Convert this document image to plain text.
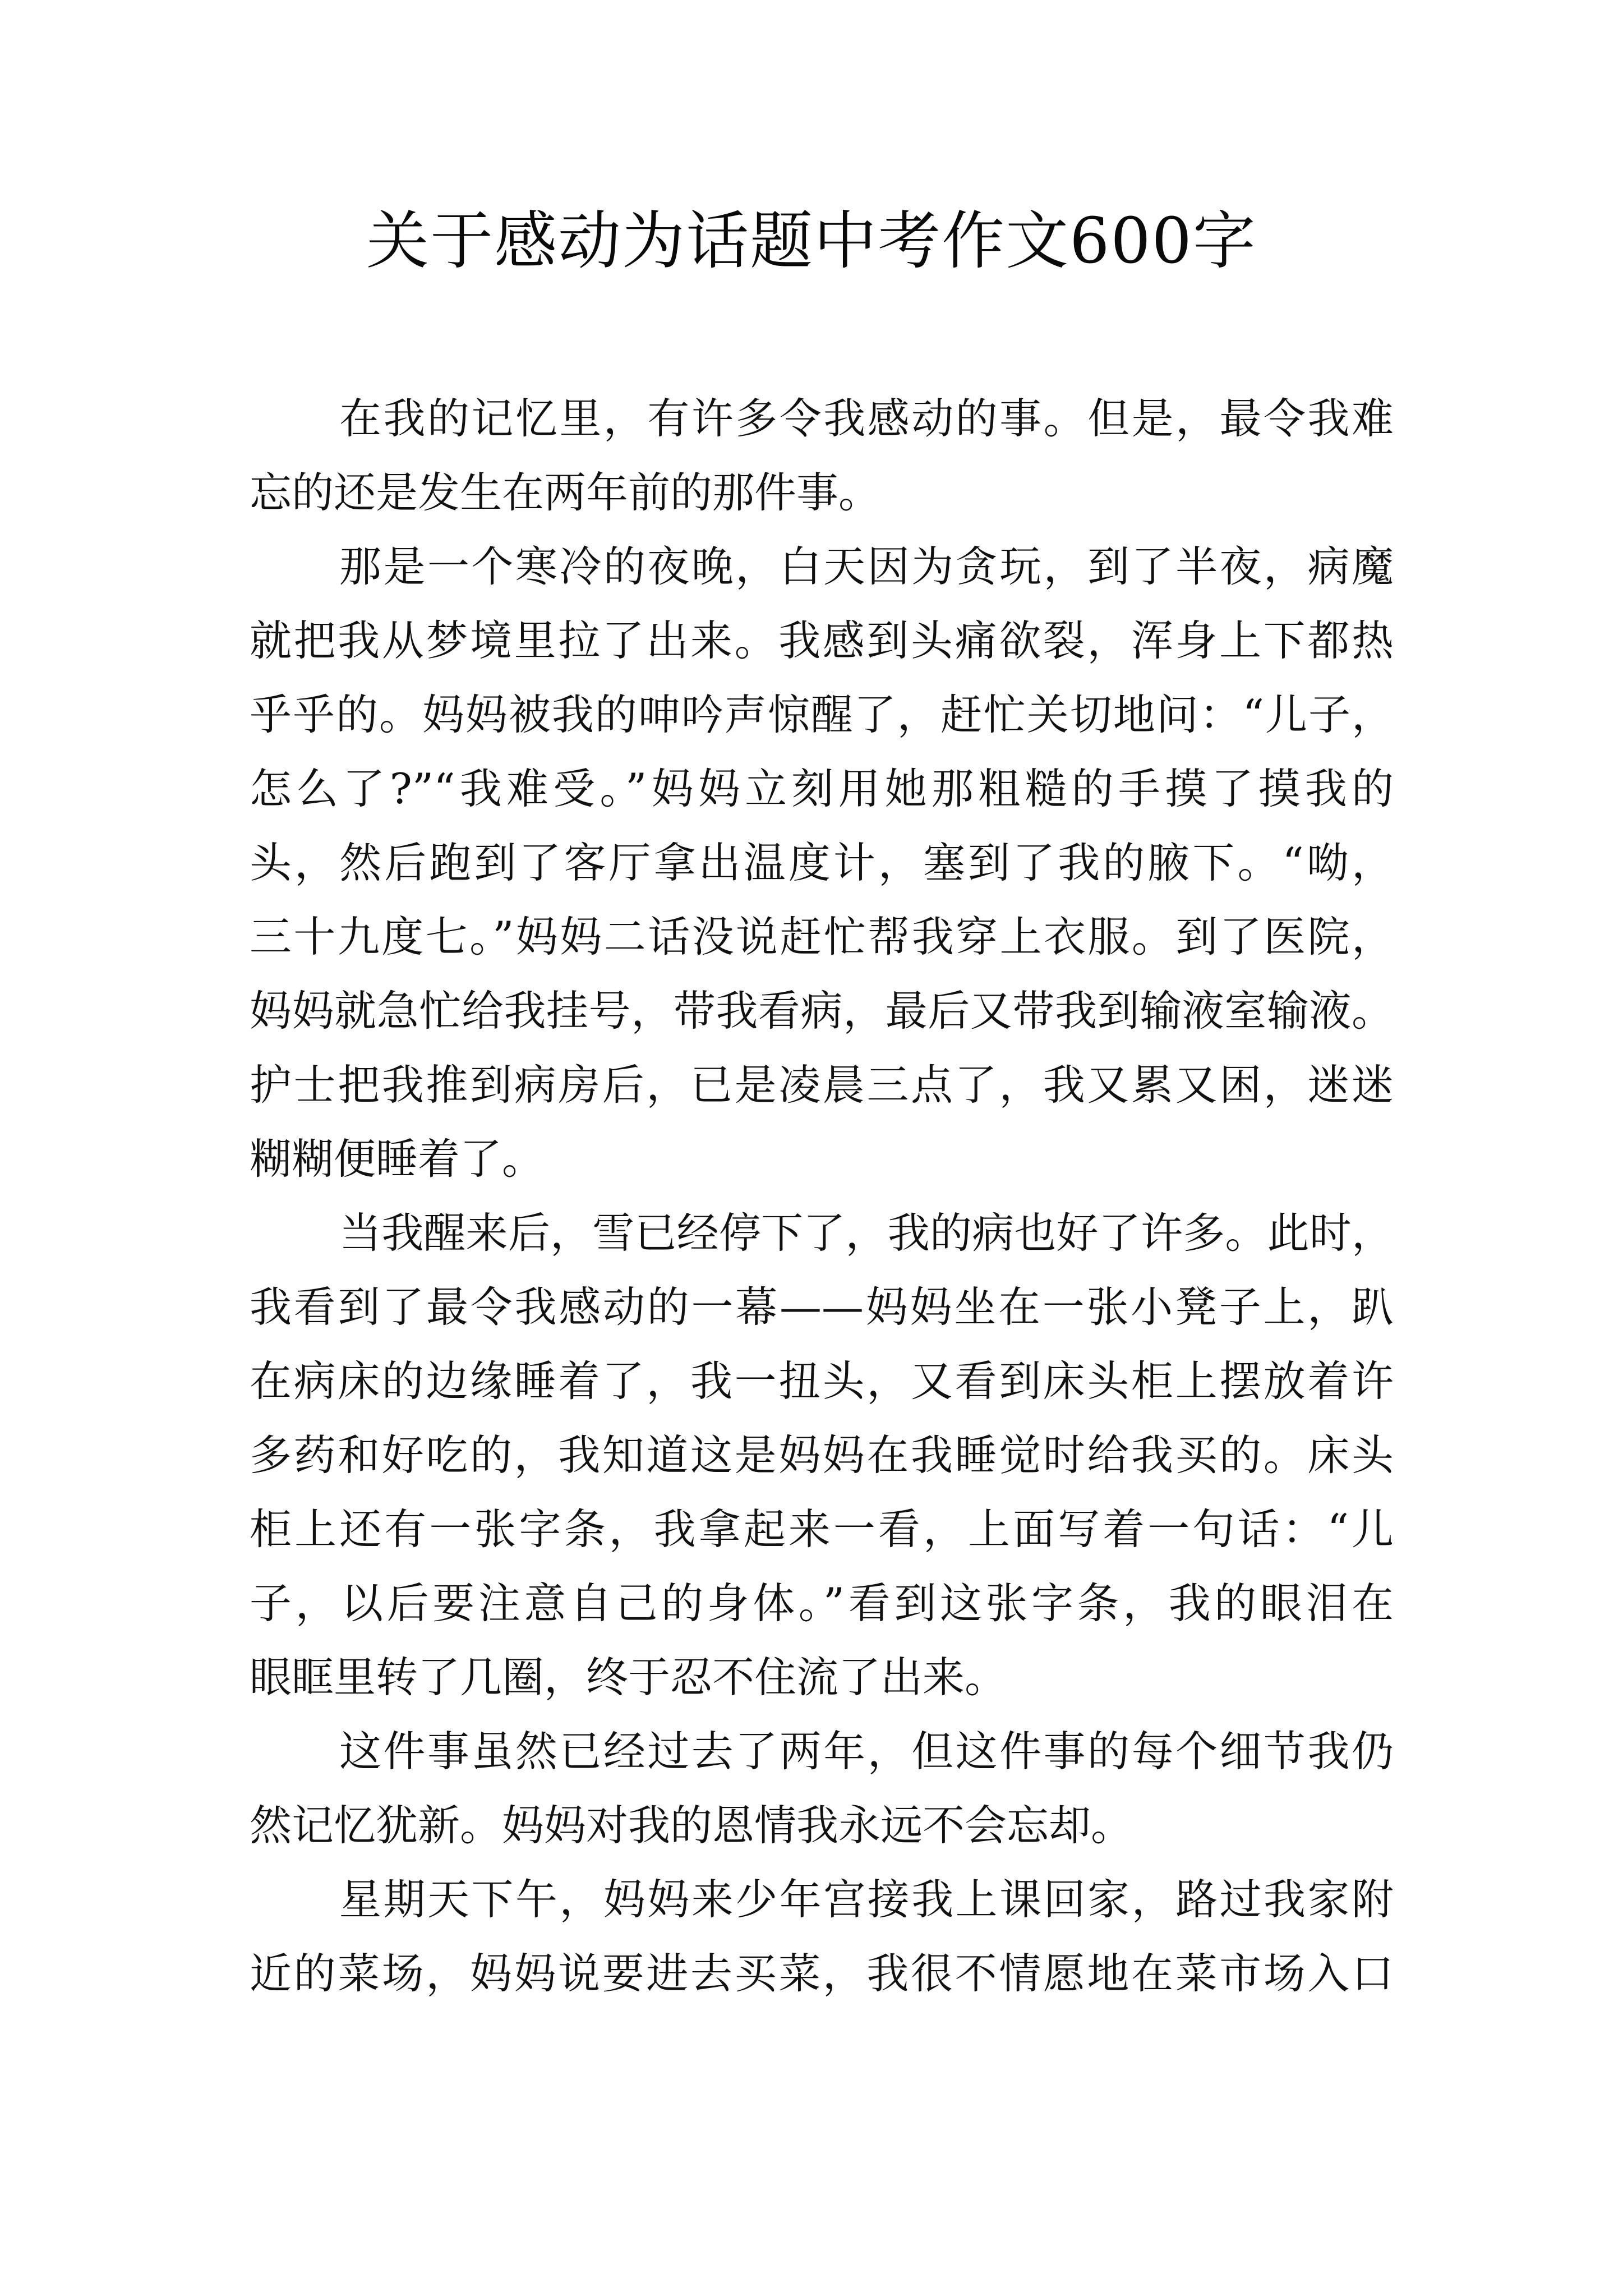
关于感动为话题中考作文600字
在我的记忆里，有许多令我感动的事。但是，最令我难
忘的还是发生在两年前的那件事。
那是一个寒冷的夜晚，白天因为贪玩，到了半夜，病魔
就把我从梦境里拉了出来。我感到头痛欲裂，浑身上下都热
乎乎的。妈妈被我的呻吟声惊醒了，赶忙关切地问：“儿子，
怎么了?”“我难受。”妈妈立刻用她那粗糙的手摸了摸我的
头，然后跑到了客厅拿出温度计，塞到了我的腋下。“呦，
三十九度七。”妈妈二话没说赶忙帮我穿上衣服。到了医院，
妈妈就急忙给我挂号，带我看病，最后又带我到输液室输液。
护士把我推到病房后，已是凌晨三点了，我又累又困，迷迷
糊糊便睡着了。
当我醒来后，雪已经停下了，我的病也好了许多。此时，
我看到了最令我感动的一幕——妈妈坐在一张小凳子上，趴
在病床的边缘睡着了，我一扭头，又看到床头柜上摆放着许
多药和好吃的，我知道这是妈妈在我睡觉时给我买的。床头
柜上还有一张字条，我拿起来一看，上面写着一句话：“儿
子，以后要注意自己的身体。”看到这张字条，我的眼泪在
眼眶里转了几圈，终于忍不住流了出来。
这件事虽然已经过去了两年，但这件事的每个细节我仍
然记忆犹新。妈妈对我的恩情我永远不会忘却。
星期天下午，妈妈来少年宫接我上课回家，路过我家附
近的菜场，妈妈说要进去买菜，我很不情愿地在菜市场入口
